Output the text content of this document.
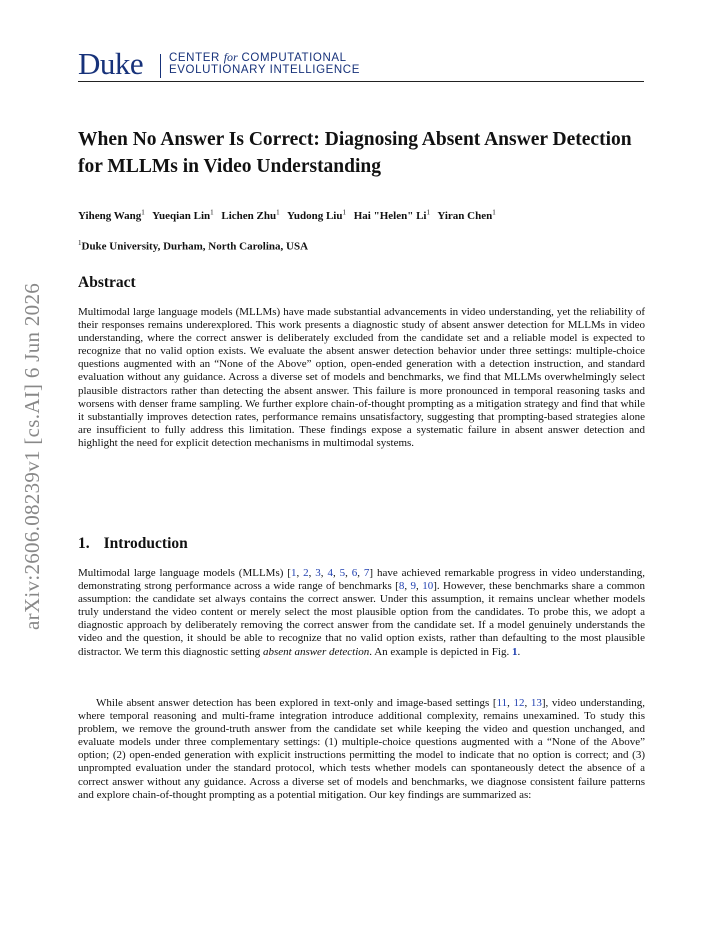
Duke CENTER for COMPUTATIONAL
EVOLUTIONARY INTELLIGENCE
When No Answer Is Correct: Diagnosing Absent Answer Detection for MLLMs in Video Understanding
Yiheng Wang$^1$ Yueqian Lin$^1$ Lichen Zhu$^1$ Yudong Liu$^1$ Hai "Helen" Li$^1$ Yiran Chen$^1$
$^1$Duke University, Durham, North Carolina, USA
Abstract

Multimodal large language models (MLLMs) have made substantial advancements in video understanding, yet the reliability of their responses remains underexplored. This work presents a diagnostic study of absent answer detection for MLLMs in video understanding, where the correct answer is deliberately excluded from the candidate set and a reliable model is expected to recognize that no valid option exists. We evaluate the absent answer detection behavior under three settings: multiple-choice questions augmented with an “None of the Above” option, open-ended generation with a detection instruction, and standard evaluation without any guidance. Across a diverse set of models and benchmarks, we find that MLLMs overwhelmingly select plausible distractors rather than detecting the absent answer. This failure is more pronounced in temporal reasoning tasks and worsens with denser frame sampling. We further explore chain-of-thought prompting as a mitigation strategy and find that while it substantially improves detection rates, performance remains unsatisfactory, suggesting that prompting-based strategies alone are insufficient to fully address this limitation. These findings expose a systematic failure in absent answer detection and highlight the need for explicit detection mechanisms in multimodal systems.

1. Introduction

Multimodal large language models (MLLMs) [1, 2, 3, 4, 5, 6, 7] have achieved remarkable progress in video understanding, demonstrating strong performance across a wide range of benchmarks [8, 9, 10]. However, these benchmarks share a common assumption: the candidate set always contains the correct answer. Under this assumption, it remains unclear whether models truly understand the video content or merely select the most plausible option from the candidates. To probe this, we adopt a diagnostic approach by deliberately removing the correct answer from the candidate set. If a model genuinely understands the video and the question, it should be able to recognize that no valid option exists, rather than defaulting to the most plausible distractor. We term this diagnostic setting absent answer detection. An example is depicted in Fig. 1.

While absent answer detection has been explored in text-only and image-based settings [11, 12, 13], video understanding, where temporal reasoning and multi-frame integration introduce additional complexity, remains unexamined. To study this problem, we remove the ground-truth answer from the candidate set while keeping the video and question unchanged, and evaluate models under three complementary settings: (1) multiple-choice questions augmented with a “None of the Above” option; (2) open-ended generation with explicit instructions permitting the model to indicate that no option is correct; and (3) unprompted evaluation under the standard protocol, which tests whether models can spontaneously detect the absence of a correct answer without any guidance. Across a diverse set of models and benchmarks, we diagnose consistent failure patterns and explore chain-of-thought prompting as a potential mitigation. Our key findings are summarized as:

arXiv:2606.08239v1 [cs.AI] 6 Jun 2026
